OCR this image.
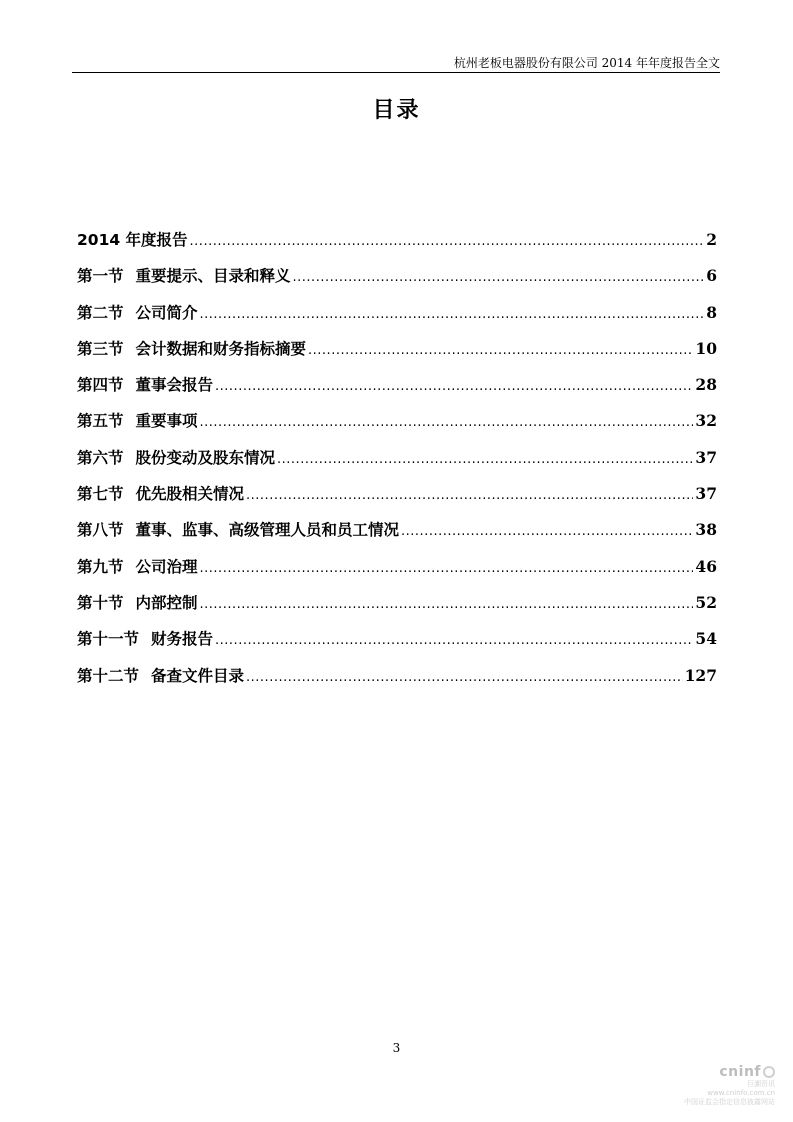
杭州老板电器股份有限公司 2014 年年度报告全文
目录
2014 年度报告 .....	2
第一节 重要提示、目录和释义 .....	6
第二节 公司简介 .....	8
第三节 会计数据和财务指标摘要 .....	10
第四节 董事会报告 .....	28
第五节 重要事项 .....	32
第六节 股份变动及股东情况 .....	37
第七节 优先股相关情况 .....	37
第八节 董事、监事、高级管理人员和员工情况 .....	38
第九节 公司治理 .....	46
第十节 内部控制 .....	52
第十一节 财务报告 .....	54
第十二节 备查文件目录 .....	127
3
cninf
巨潮资讯
www.cninfo.com.cn
中国证监会指定信息披露网站
